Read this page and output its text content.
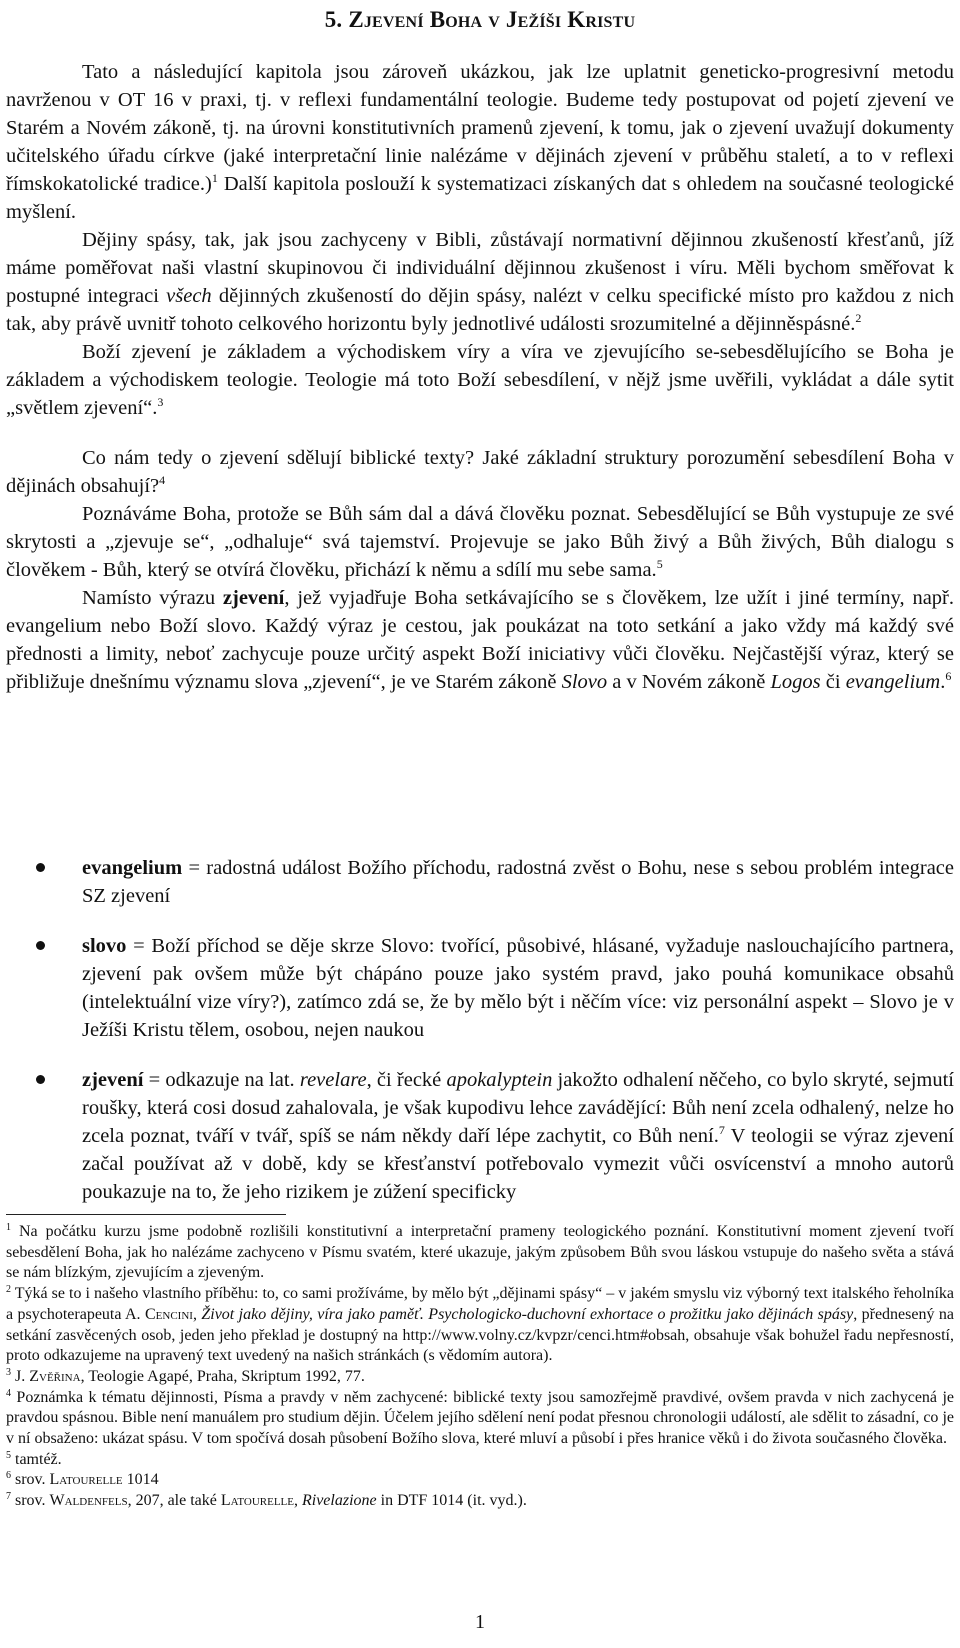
5. Zjevení Boha v Ježíši Kristu

Tato a následující kapitola jsou zároveň ukázkou, jak lze uplatnit geneticko-progresivní metodu navrženou v OT 16 v praxi, tj. v reflexi fundamentální teologie. Budeme tedy postupovat od pojetí zjevení ve Starém a Novém zákoně, tj. na úrovni konstitutivních pramenů zjevení, k tomu, jak o zjevení uvažují dokumenty učitelského úřadu církve (jaké interpretační linie nalézáme v dějinách zjevení v průběhu staletí, a to v reflexi římskokatolické tradice.)$^1$ Další kapitola poslouží k systematizaci získaných dat s ohledem na současné teologické myšlení.

Dějiny spásy, tak, jak jsou zachyceny v Bibli, zůstávají normativní dějinnou zkušeností křesťanů, jíž máme poměřovat naši vlastní skupinovou či individuální dějinnou zkušenost i víru. Měli bychom směřovat k postupné integraci všech dějinných zkušeností do dějin spásy, nalézt v celku specifické místo pro každou z nich tak, aby právě uvnitř tohoto celkového horizontu byly jednotlivé události srozumitelné a dějinněspásné.$^2$

Boží zjevení je základem a východiskem víry a víra ve zjevujícího se-sebesdělujícího se Boha je základem a východiskem teologie. Teologie má toto Boží sebesdílení, v nějž jsme uvěřili, vykládat a dále sytit „světlem zjevení“.$^3$

Co nám tedy o zjevení sdělují biblické texty? Jaké základní struktury porozumění sebesdílení Boha v dějinách obsahují?$^4$

Poznáváme Boha, protože se Bůh sám dal a dává člověku poznat. Sebesdělující se Bůh vystupuje ze své skrytosti a „zjevuje se“, „odhaluje“ svá tajemství. Projevuje se jako Bůh živý a Bůh živých, Bůh dialogu s člověkem - Bůh, který se otvírá člověku, přichází k němu a sdílí mu sebe sama.$^5$

Namísto výrazu zjevení, jež vyjadřuje Boha setkávajícího se s člověkem, lze užít i jiné termíny, např. evangelium nebo Boží slovo. Každý výraz je cestou, jak poukázat na toto setkání a jako vždy má každý své přednosti a limity, neboť zachycuje pouze určitý aspekt Boží iniciativy vůči člověku. Nejčastější výraz, který se přibližuje dnešnímu významu slova „zjevení“, je ve Starém zákoně Slovo a v Novém zákoně Logos či evangelium.$^6$

evangelium = radostná událost Božího příchodu, radostná zvěst o Bohu, nese s sebou problém integrace SZ zjevení
slovo = Boží příchod se děje skrze Slovo: tvořící, působivé, hlásané, vyžaduje naslouchajícího partnera, zjevení pak ovšem může být chápáno pouze jako systém pravd, jako pouhá komunikace obsahů (intelektuální vize víry?), zatímco zdá se, že by mělo být i něčím více: viz personální aspekt – Slovo je v Ježíši Kristu tělem, osobou, nejen naukou
zjevení = odkazuje na lat. revelare, či řecké apokalyptein jakožto odhalení něčeho, co bylo skryté, sejmutí roušky, která cosi dosud zahalovala, je však kupodivu lehce zavádějící: Bůh není zcela odhalený, nelze ho zcela poznat, tváří v tvář, spíš se nám někdy daří lépe zachytit, co Bůh není.$^7$ V teologii se výraz zjevení začal používat až v době, kdy se křesťanství potřebovalo vymezit vůči osvícenství a mnoho autorů poukazuje na to, že jeho rizikem je zúžení specificky

$^1$ Na počátku kurzu jsme podobně rozlišili konstitutivní a interpretační prameny teologického poznání. Konstitutivní moment zjevení tvoří sebesdělení Boha, jak ho nalézáme zachyceno v Písmu svatém, které ukazuje, jakým způsobem Bůh svou láskou vstupuje do našeho světa a stává se nám blízkým, zjevujícím a zjeveným.

$^2$ Týká se to i našeho vlastního příběhu: to, co sami prožíváme, by mělo být „dějinami spásy“ – v jakém smyslu viz výborný text italského řeholníka a psychoterapeuta A. Cencini, Život jako dějiny, víra jako paměť. Psychologicko-duchovní exhortace o prožitku jako dějinách spásy, přednesený na setkání zasvěcených osob, jeden jeho překlad je dostupný na http://www.volny.cz/kvpzr/cenci.htm#obsah, obsahuje však bohužel řadu nepřesností, proto odkazujeme na upravený text uvedený na našich stránkách (s vědomím autora).

$^3$ J. Zvěřina, Teologie Agapé, Praha, Skriptum 1992, 77.

$^4$ Poznámka k tématu dějinnosti, Písma a pravdy v něm zachycené: biblické texty jsou samozřejmě pravdivé, ovšem pravda v nich zachycená je pravdou spásnou. Bible není manuálem pro studium dějin. Účelem jejího sdělení není podat přesnou chronologii událostí, ale sdělit to zásadní, co je v ní obsaženo: ukázat spásu. V tom spočívá dosah působení Božího slova, které mluví a působí i přes hranice věků i do života současného člověka.

$^5$ tamtéž.

$^6$ srov. Latourelle 1014

$^7$ srov. Waldenfels, 207, ale také Latourelle, Rivelazione in DTF 1014 (it. vyd.).

1
